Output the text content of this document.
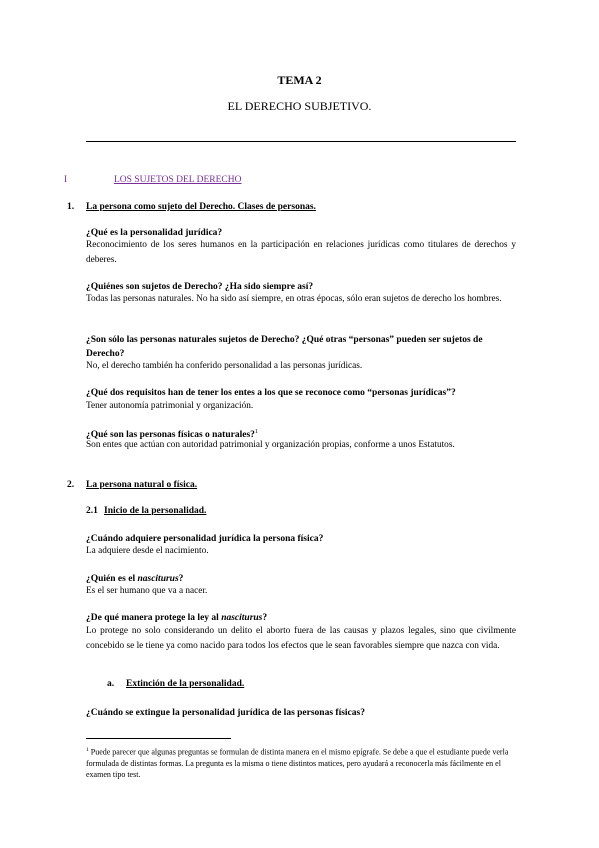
TEMA 2
EL DERECHO SUBJETIVO.
I	LOS SUJETOS DEL DERECHO
1. La persona como sujeto del Derecho. Clases de personas.
¿Qué es la personalidad jurídica?
Reconocimiento de los seres humanos en la participación en relaciones jurídicas como titulares de derechos y deberes.
¿Quiénes son sujetos de Derecho? ¿Ha sido siempre así?
Todas las personas naturales. No ha sido así siempre, en otras épocas, sólo eran sujetos de derecho los hombres.
¿Son sólo las personas naturales sujetos de Derecho? ¿Qué otras “personas” pueden ser sujetos de Derecho?
No, el derecho también ha conferido personalidad a las personas jurídicas.
¿Qué dos requisitos han de tener los entes a los que se reconoce como “personas jurídicas”?
Tener autonomía patrimonial y organización.
¿Qué son las personas físicas o naturales?$^1$
Son entes que actúan con autoridad patrimonial y organización propias, conforme a unos Estatutos.
2. La persona natural o física.
2.1 Inicio de la personalidad.
¿Cuándo adquiere personalidad jurídica la persona física?
La adquiere desde el nacimiento.
¿Quién es el nasciturus?
Es el ser humano que va a nacer.
¿De qué manera protege la ley al nasciturus?
Lo protege no solo considerando un delito el aborto fuera de las causas y plazos legales, sino que civilmente concebido se le tiene ya como nacido para todos los efectos que le sean favorables siempre que nazca con vida.
a. Extinción de la personalidad.
¿Cuándo se extingue la personalidad jurídica de las personas físicas?
$^1$ Puede parecer que algunas preguntas se formulan de distinta manera en el mismo epígrafe. Se debe a que el estudiante puede verla formulada de distintas formas. La pregunta es la misma o tiene distintos matices, pero ayudará a reconocerla más fácilmente en el examen tipo test.
